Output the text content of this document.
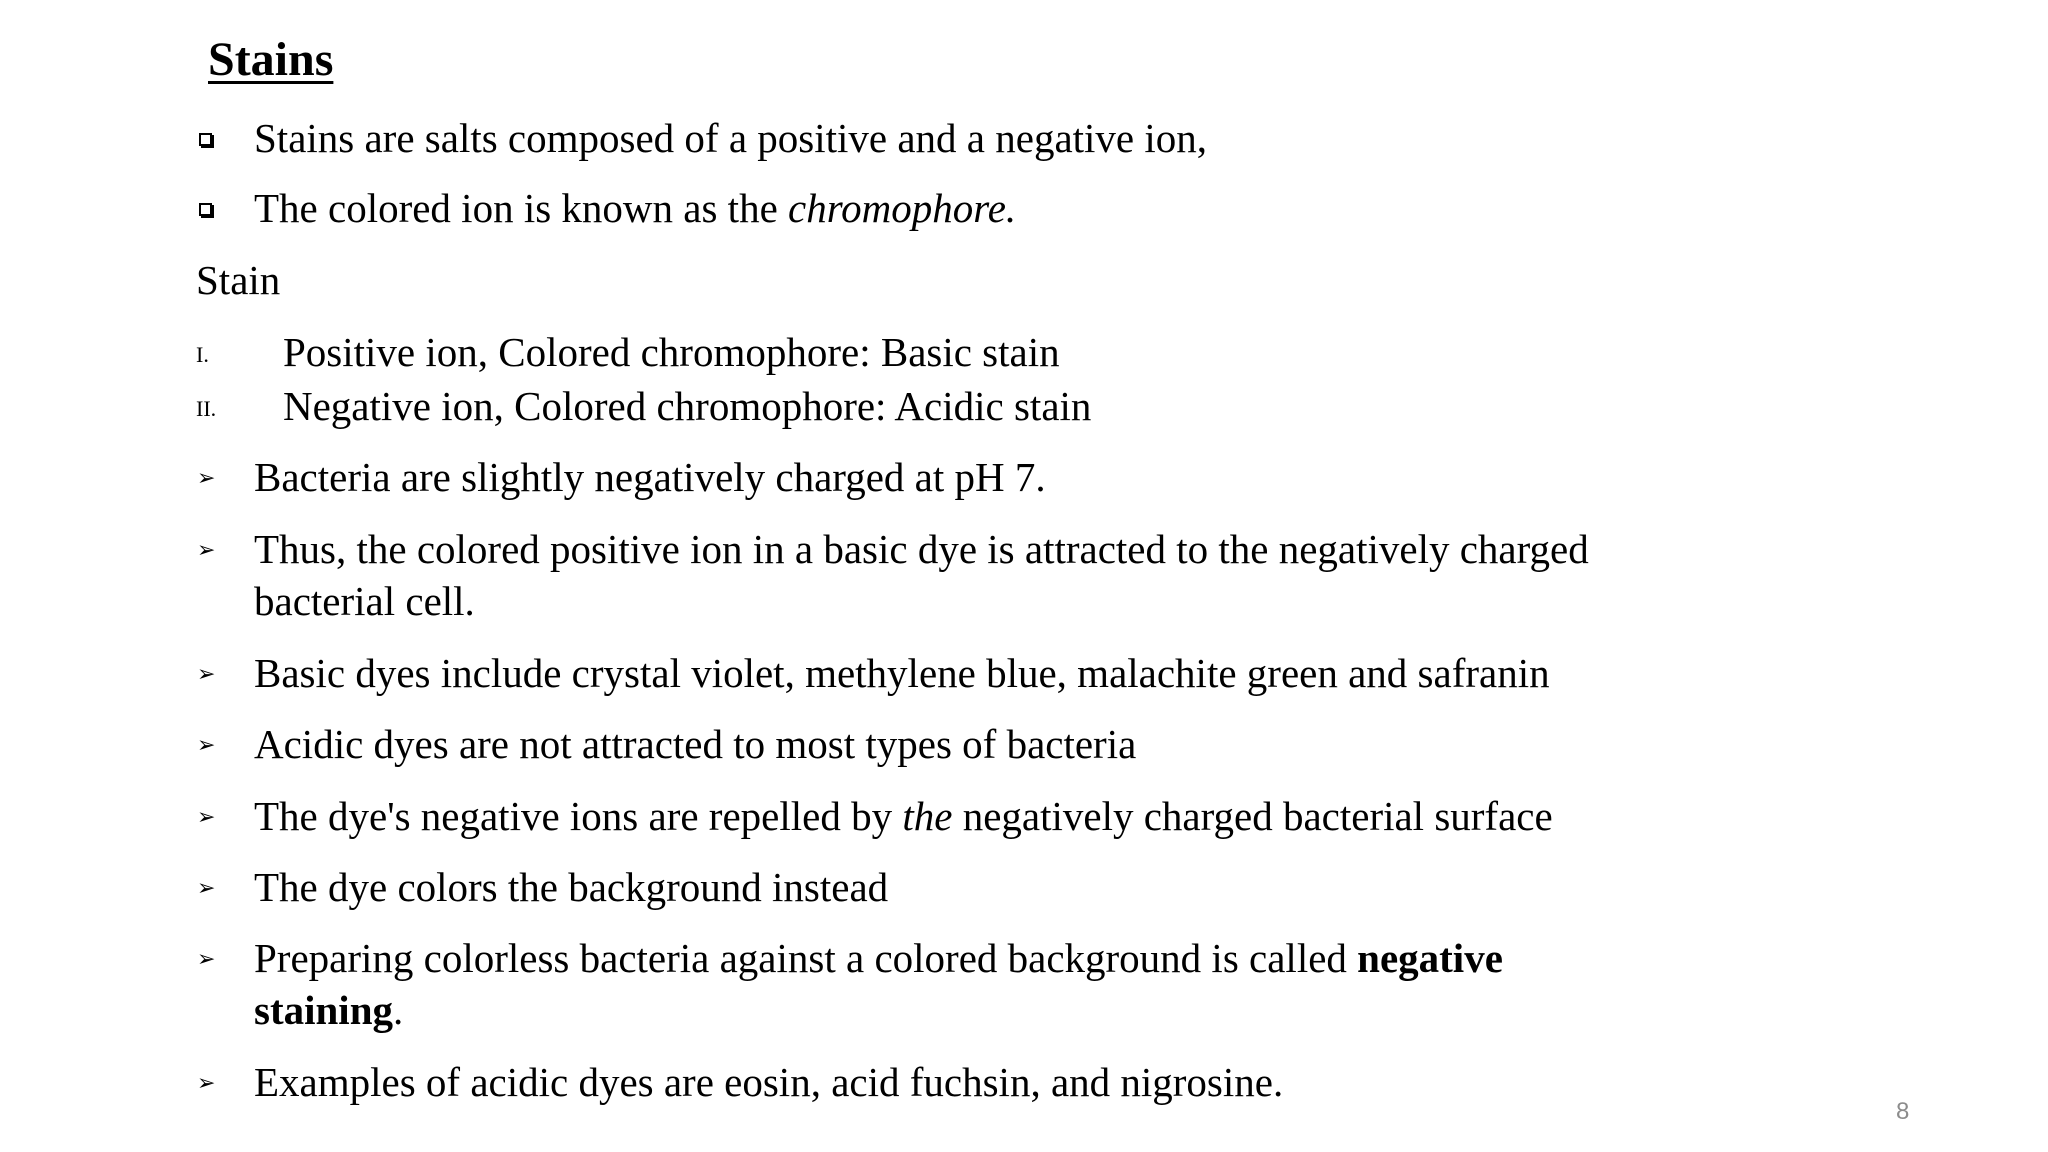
Stains
Stains are salts composed of a positive and a negative ion,
The colored ion is known as the chromophore.
Stain
I. Positive ion, Colored chromophore: Basic stain
II. Negative ion, Colored chromophore: Acidic stain
➢ Bacteria are slightly negatively charged at pH 7.
➢ Thus, the colored positive ion in a basic dye is attracted to the negatively charged
bacterial cell.
➢ Basic dyes include crystal violet, methylene blue, malachite green and safranin
➢ Acidic dyes are not attracted to most types of bacteria
➢ The dye's negative ions are repelled by the negatively charged bacterial surface
➢ The dye colors the background instead
➢ Preparing colorless bacteria against a colored background is called negative
staining.
➢ Examples of acidic dyes are eosin, acid fuchsin, and nigrosine.
8
